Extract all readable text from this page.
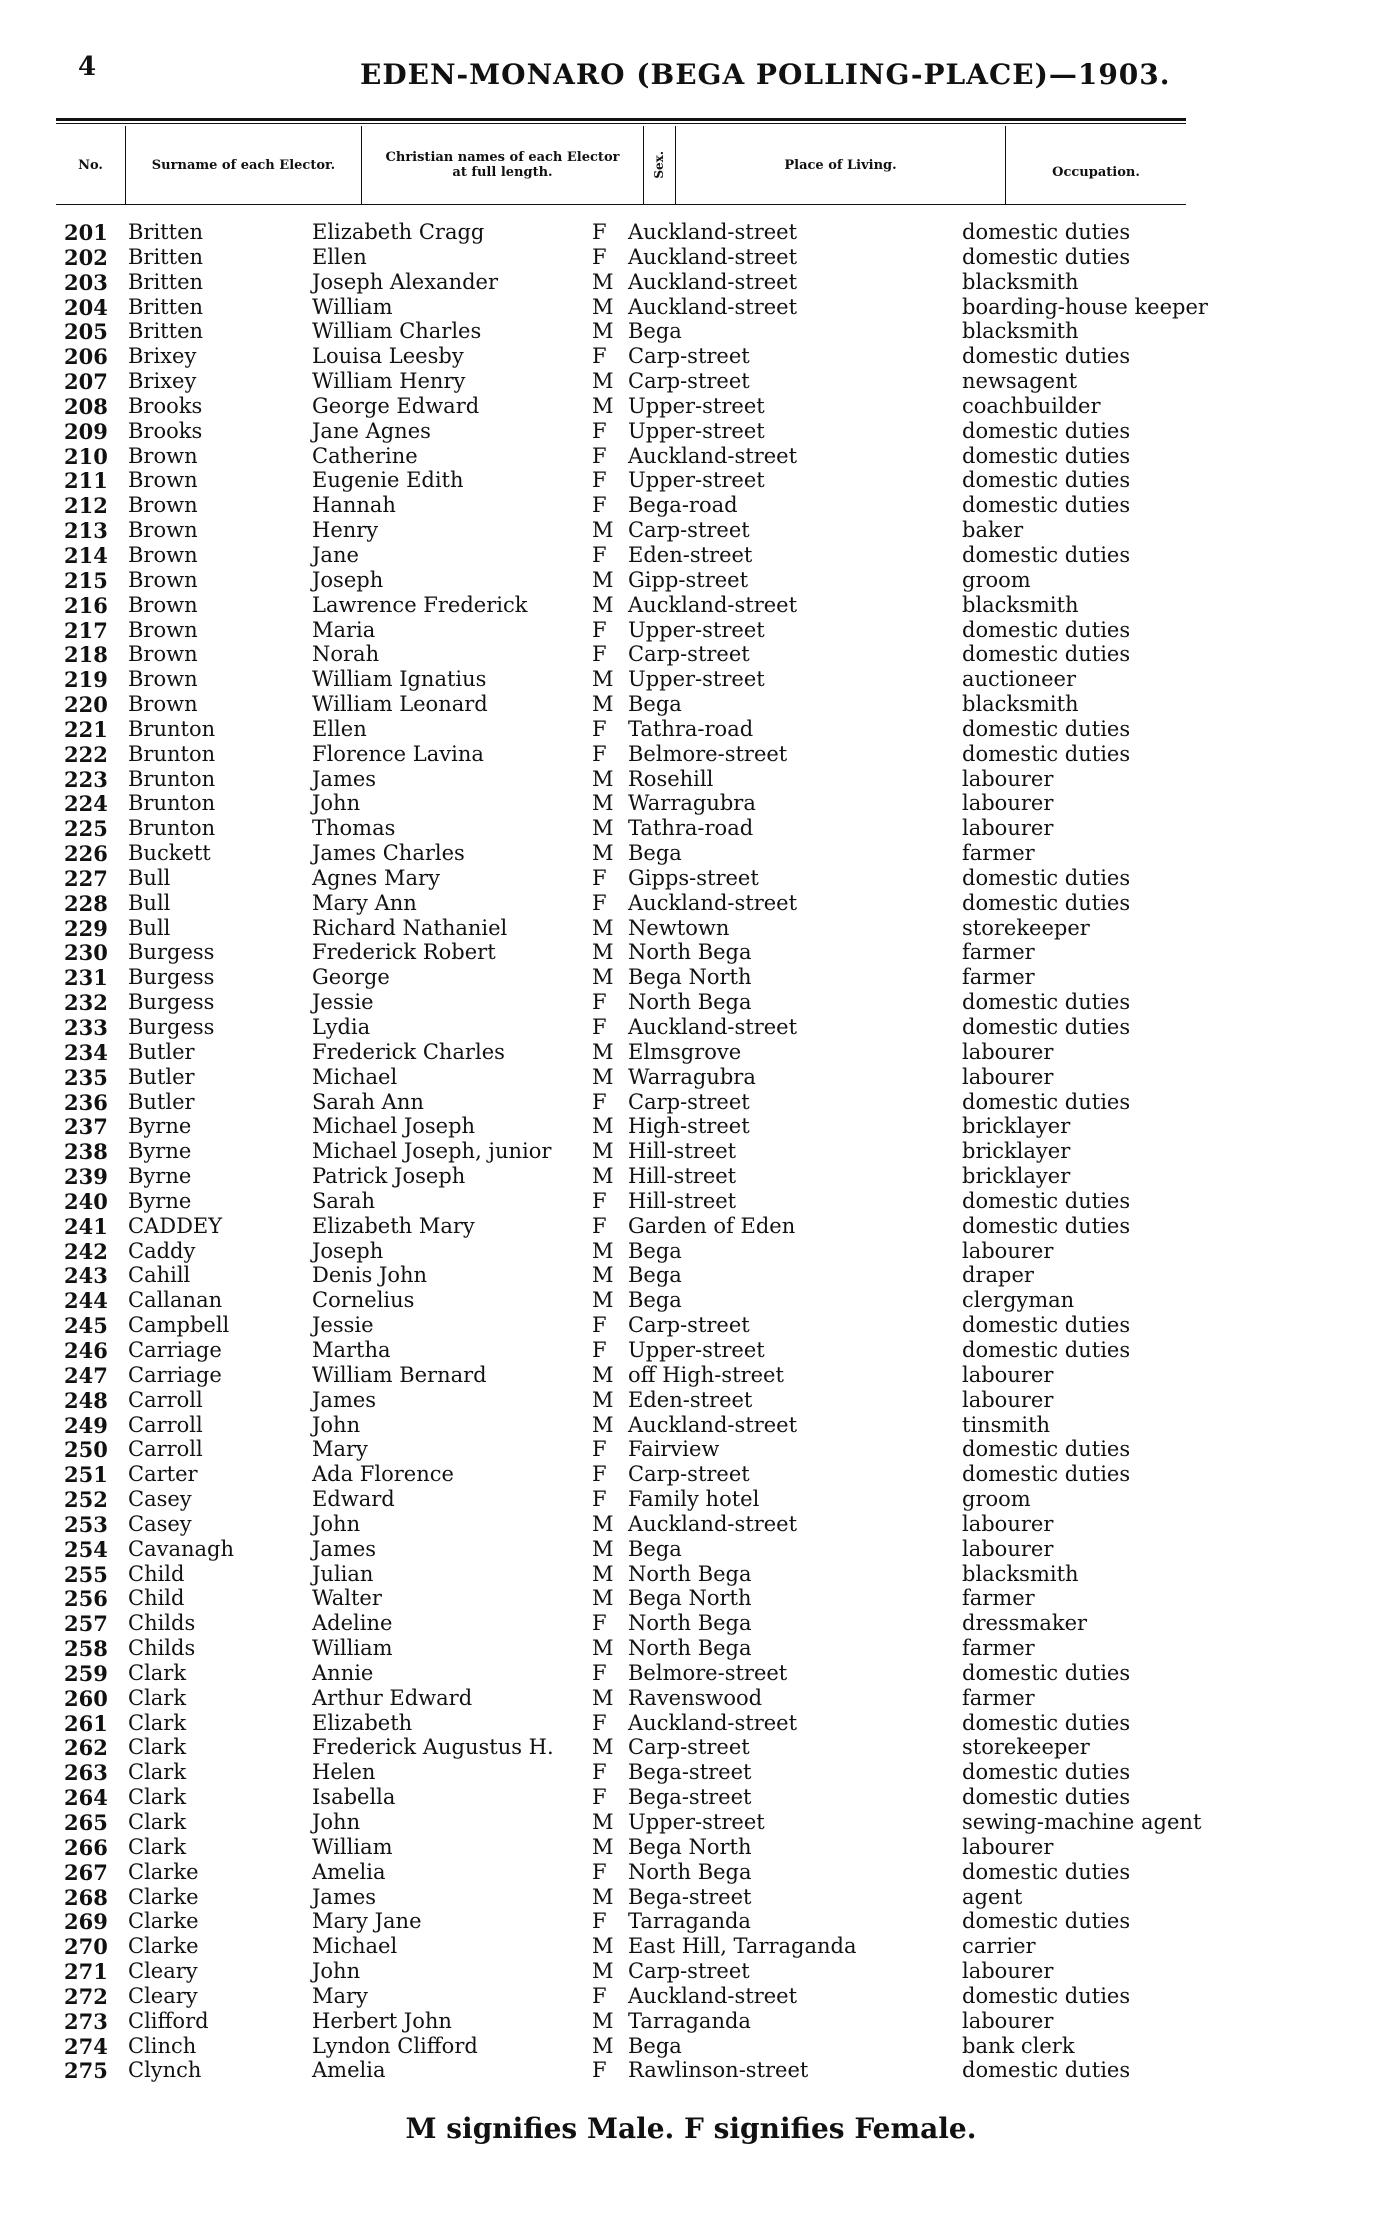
4	EDEN-MONARO (BEGA POLLING-PLACE)—1903.
No.	Surname of each Elector.	Christian names of each Elector at full length.	Sex.	Place of Living.	Occupation.
201 Britten	Elizabeth Cragg	F Auckland-street	domestic duties
202 Britten	Ellen	F Auckland-street	domestic duties
203 Britten	Joseph Alexander	M Auckland-street	blacksmith
204 Britten	William	M Auckland-street	boarding-house keeper
205 Britten	William Charles	M Bega	blacksmith
206 Brixey	Louisa Leesby	F Carp-street	domestic duties
207 Brixey	William Henry	M Carp-street	newsagent
208 Brooks	George Edward	M Upper-street	coachbuilder
209 Brooks	Jane Agnes	F Upper-street	domestic duties
210 Brown	Catherine	F Auckland-street	domestic duties
211 Brown	Eugenie Edith	F Upper-street	domestic duties
212 Brown	Hannah	F Bega-road	domestic duties
213 Brown	Henry	M Carp-street	baker
214 Brown	Jane	F Eden-street	domestic duties
215 Brown	Joseph	M Gipp-street	groom
216 Brown	Lawrence Frederick	M Auckland-street	blacksmith
217 Brown	Maria	F Upper-street	domestic duties
218 Brown	Norah	F Carp-street	domestic duties
219 Brown	William Ignatius	M Upper-street	auctioneer
220 Brown	William Leonard	M Bega	blacksmith
221 Brunton	Ellen	F Tathra-road	domestic duties
222 Brunton	Florence Lavina	F Belmore-street	domestic duties
223 Brunton	James	M Rosehill	labourer
224 Brunton	John	M Warragubra	labourer
225 Brunton	Thomas	M Tathra-road	labourer
226 Buckett	James Charles	M Bega	farmer
227 Bull	Agnes Mary	F Gipps-street	domestic duties
228 Bull	Mary Ann	F Auckland-street	domestic duties
229 Bull	Richard Nathaniel	M Newtown	storekeeper
230 Burgess	Frederick Robert	M North Bega	farmer
231 Burgess	George	M Bega North	farmer
232 Burgess	Jessie	F North Bega	domestic duties
233 Burgess	Lydia	F Auckland-street	domestic duties
234 Butler	Frederick Charles	M Elmsgrove	labourer
235 Butler	Michael	M Warragubra	labourer
236 Butler	Sarah Ann	F Carp-street	domestic duties
237 Byrne	Michael Joseph	M High-street	bricklayer
238 Byrne	Michael Joseph, junior M Hill-street	bricklayer
239 Byrne	Patrick Joseph	M Hill-street	bricklayer
240 Byrne	Sarah	F Hill-street	domestic duties
241 CADDEY	Elizabeth Mary	F Garden of Eden	domestic duties
242 Caddy	Joseph	M Bega	labourer
243 Cahill	Denis John	M Bega	draper
244 Callanan	Cornelius	M Bega	clergyman
245 Campbell	Jessie	F Carp-street	domestic duties
246 Carriage	Martha	F Upper-street	domestic duties
247 Carriage	William Bernard	M off High-street	labourer
248 Carroll	James	M Eden-street	labourer
249 Carroll	John	M Auckland-street	tinsmith
250 Carroll	Mary	F Fairview	domestic duties
251 Carter	Ada Florence	F Carp-street	domestic duties
252 Casey	Edward	F Family hotel	groom
253 Casey	John	M Auckland-street	labourer
254 Cavanagh	James	M Bega	labourer
255 Child	Julian	M North Bega	blacksmith
256 Child	Walter	M Bega North	farmer
257 Childs	Adeline	F North Bega	dressmaker
258 Childs	William	M North Bega	farmer
259 Clark	Annie	F Belmore-street	domestic duties
260 Clark	Arthur Edward	M Ravenswood	farmer
261 Clark	Elizabeth	F Auckland-street	domestic duties
262 Clark	Frederick Augustus H. M Carp-street	storekeeper
263 Clark	Helen	F Bega-street	domestic duties
264 Clark	Isabella	F Bega-street	domestic duties
265 Clark	John	M Upper-street	sewing-machine agent
266 Clark	William	M Bega North	labourer
267 Clarke	Amelia	F North Bega	domestic duties
268 Clarke	James	M Bega-street	agent
269 Clarke	Mary Jane	F Tarraganda	domestic duties
270 Clarke	Michael	M East Hill, Tarraganda	carrier
271 Cleary	John	M Carp-street	labourer
272 Cleary	Mary	F Auckland-street	domestic duties
273 Clifford	Herbert John	M Tarraganda	labourer
274 Clinch	Lyndon Clifford	M Bega	bank clerk
275 Clynch	Amelia	F Rawlinson-street	domestic duties
M signifies Male. F signifies Female.
